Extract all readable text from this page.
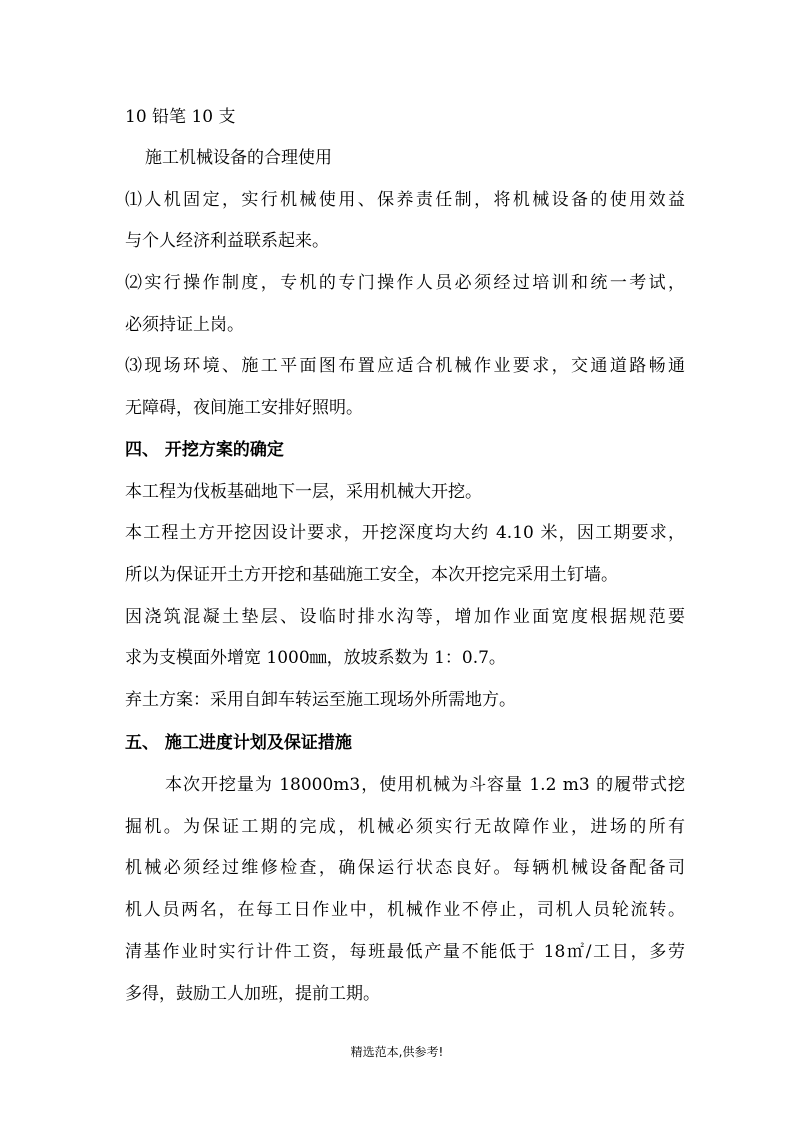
10 铅笔 10 支
施工机械设备的合理使用
⑴人机固定，实行机械使用、保养责任制，将机械设备的使用效益
与个人经济利益联系起来。
⑵实行操作制度，专机的专门操作人员必须经过培训和统一考试，
必须持证上岗。
⑶现场环境、施工平面图布置应适合机械作业要求，交通道路畅通
无障碍，夜间施工安排好照明。
四、 开挖方案的确定
本工程为伐板基础地下一层，采用机械大开挖。
本工程土方开挖因设计要求，开挖深度均大约 4.10 米，因工期要求，
所以为保证开土方开挖和基础施工安全，本次开挖完采用土钉墙。
因浇筑混凝土垫层、设临时排水沟等，增加作业面宽度根据规范要
求为支模面外增宽 1000㎜，放坡系数为 1：0.7。
弃土方案：采用自卸车转运至施工现场外所需地方。
五、 施工进度计划及保证措施
本次开挖量为 18000m3，使用机械为斗容量 1.2 m3 的履带式挖
掘机。为保证工期的完成，机械必须实行无故障作业，进场的所有
机械必须经过维修检查，确保运行状态良好。每辆机械设备配备司
机人员两名，在每工日作业中，机械作业不停止，司机人员轮流转。
清基作业时实行计件工资，每班最低产量不能低于 18㎡/工日，多劳
多得，鼓励工人加班，提前工期。
精选范本,供参考!
